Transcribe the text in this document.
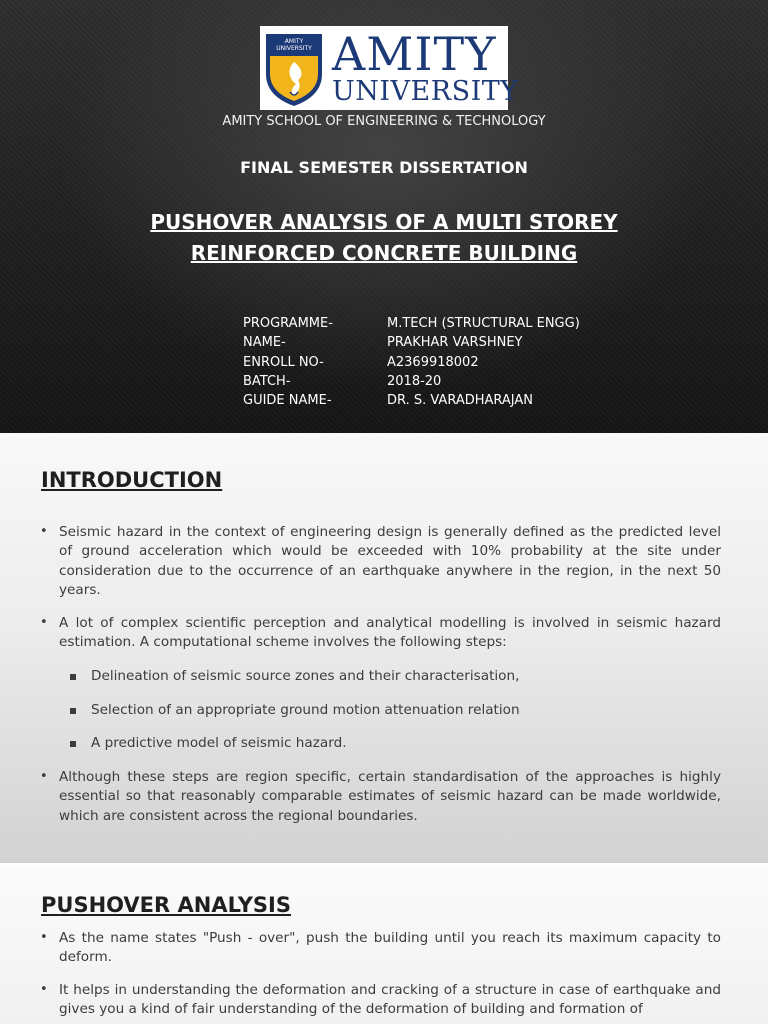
AMITY UNIVERSITY AMITY
UNIVERSITY
AMITY SCHOOL OF ENGINEERING & TECHNOLOGY
FINAL SEMESTER DISSERTATION
PUSHOVER ANALYSIS OF A MULTI STOREY
REINFORCED CONCRETE BUILDING
PROGRAMME-	M.TECH (STRUCTURAL ENGG)
NAME-	PRAKHAR VARSHNEY
ENROLL NO-	A2369918002
BATCH-	2018-20
GUIDE NAME-	DR. S. VARADHARAJAN
INTRODUCTION
• Seismic hazard in the context of engineering design is generally defined as the predicted level of ground acceleration which would be exceeded with 10% probability at the site under consideration due to the occurrence of an earthquake anywhere in the region, in the next 50 years.
• A lot of complex scientific perception and analytical modelling is involved in seismic hazard estimation. A computational scheme involves the following steps:
Delineation of seismic source zones and their characterisation,
Selection of an appropriate ground motion attenuation relation
A predictive model of seismic hazard.
• Although these steps are region specific, certain standardisation of the approaches is highly essential so that reasonably comparable estimates of seismic hazard can be made worldwide, which are consistent across the regional boundaries.
PUSHOVER ANALYSIS
• As the name states "Push - over", push the building until you reach its maximum capacity to deform.
• It helps in understanding the deformation and cracking of a structure in case of earthquake and gives you a kind of fair understanding of the deformation of building and formation of
